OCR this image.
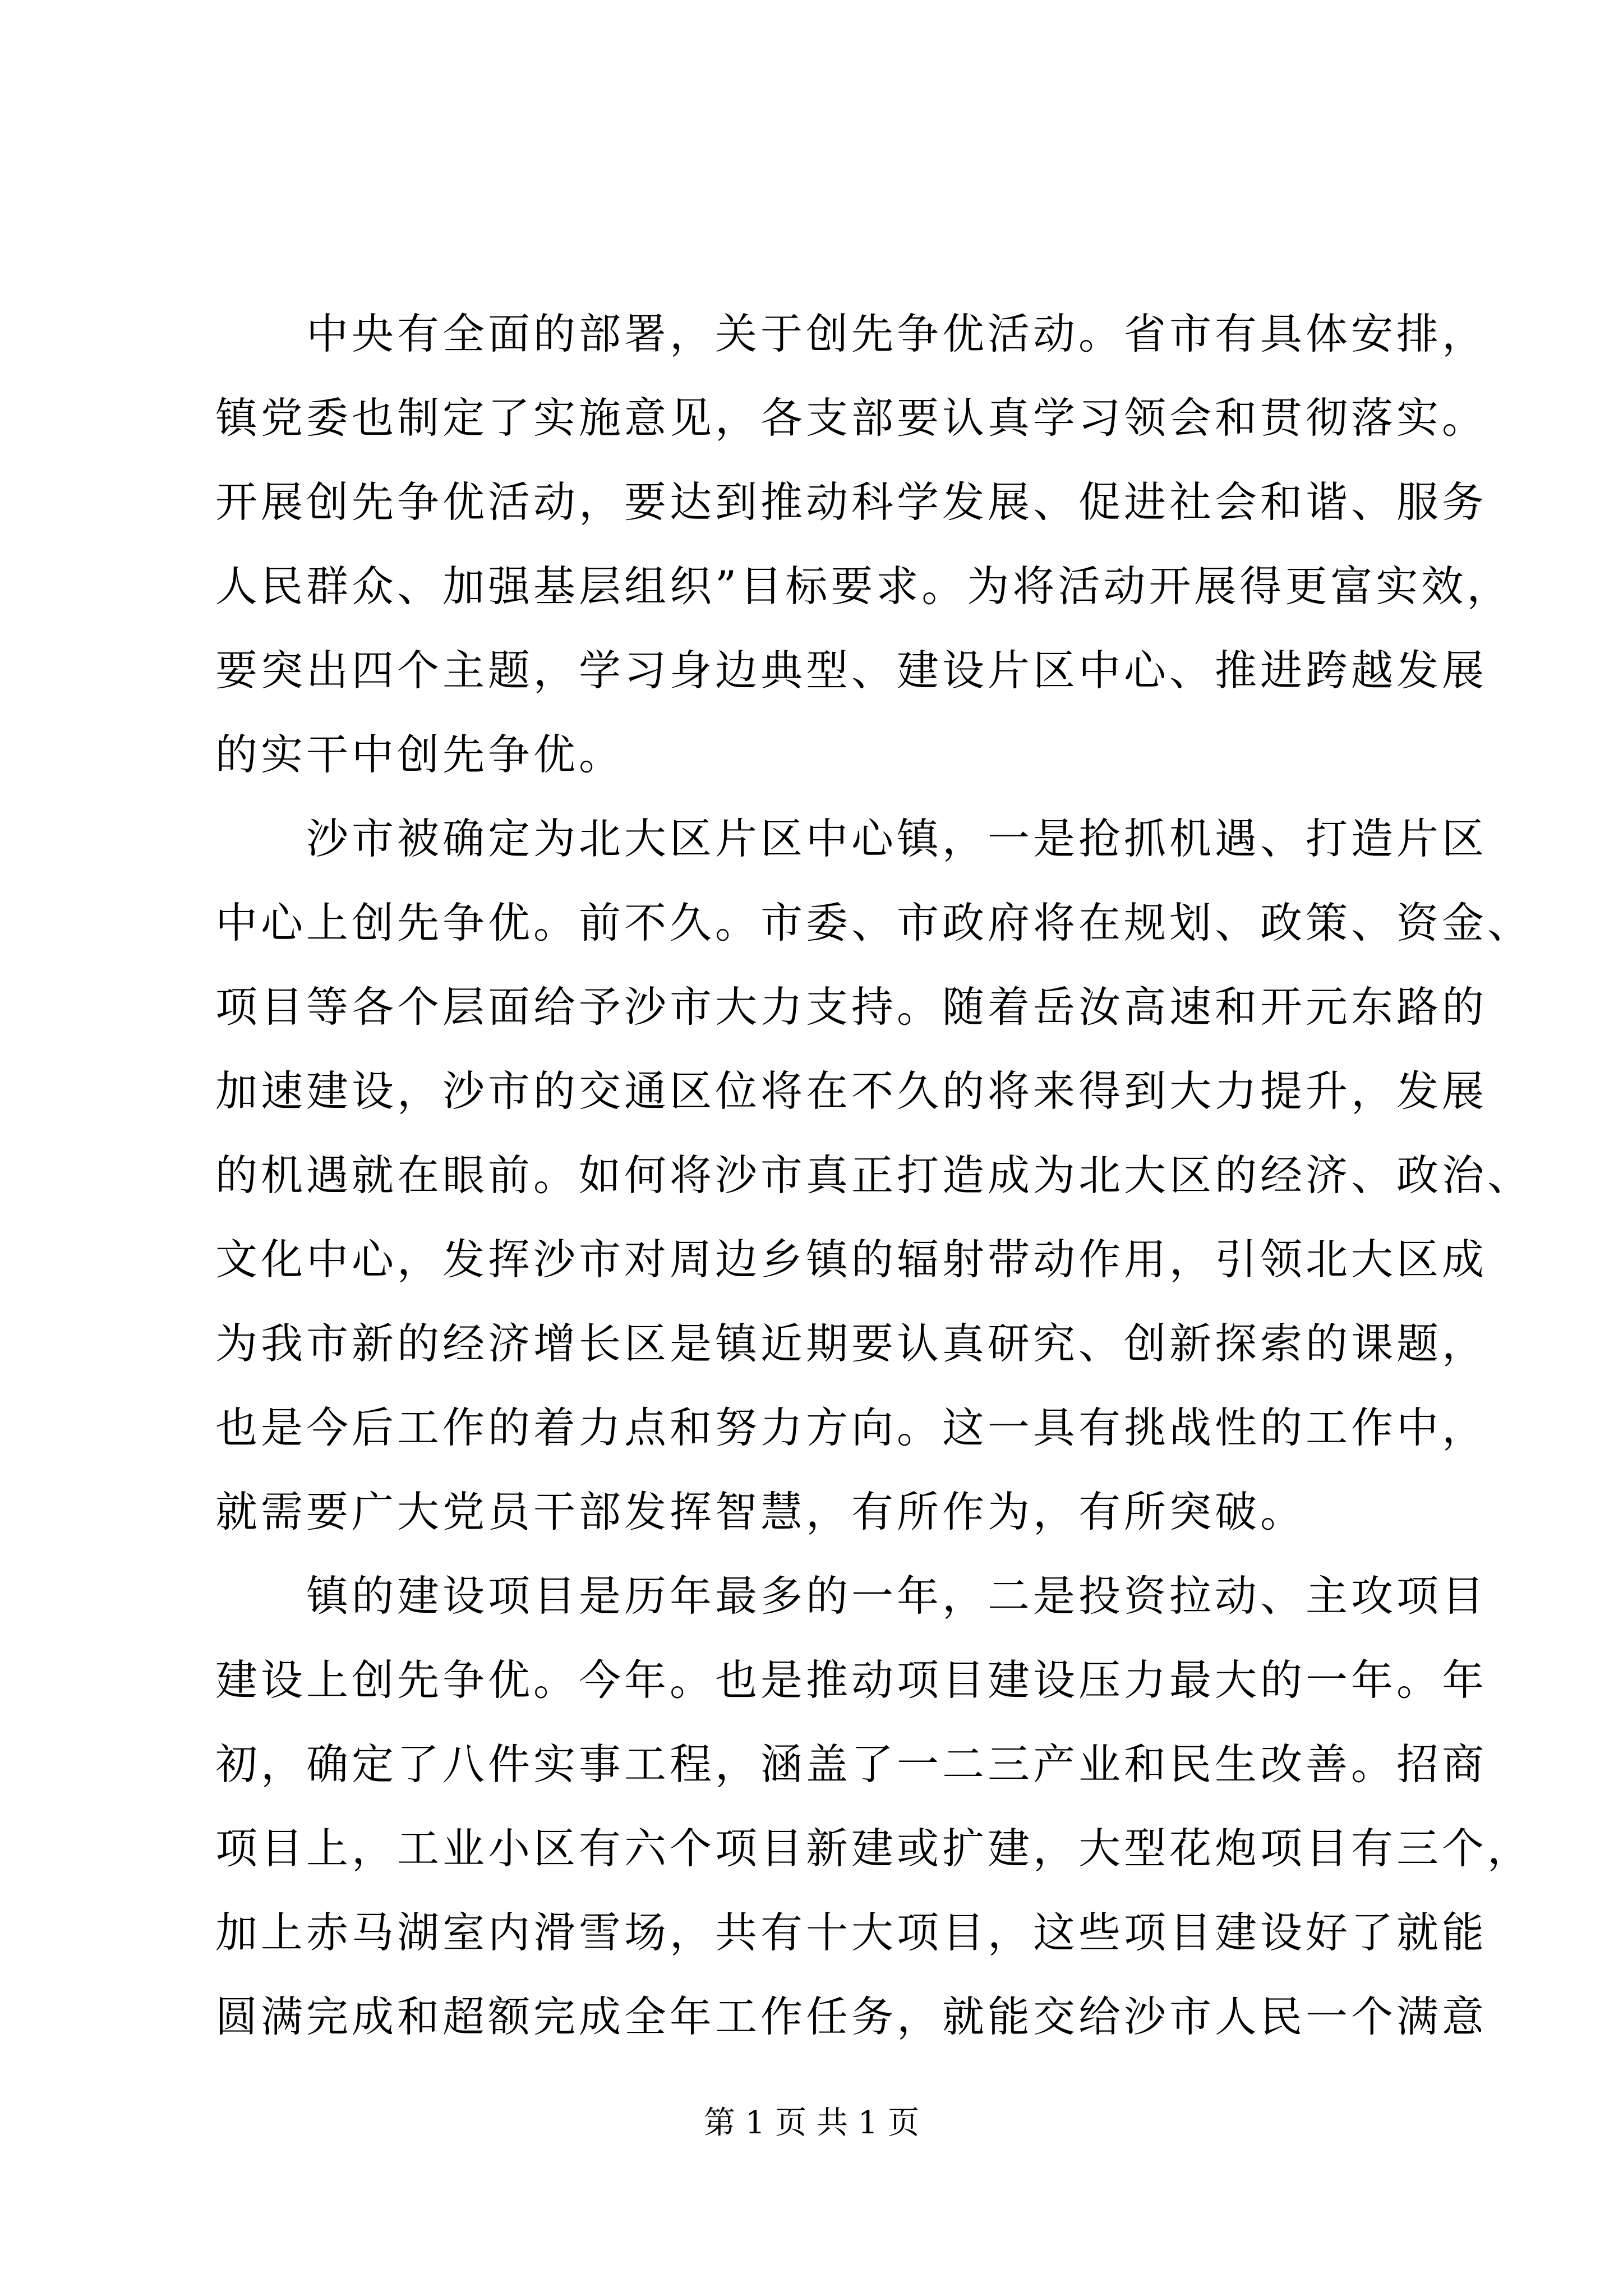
　　中央有全面的部署，关于创先争优活动。省市有具体安排，
镇党委也制定了实施意见，各支部要认真学习领会和贯彻落实。
开展创先争优活动，要达到推动科学发展、促进社会和谐、服务
人民群众、加强基层组织”目标要求。为将活动开展得更富实效，
要突出四个主题，学习身边典型、建设片区中心、推进跨越发展
的实干中创先争优。
　　沙市被确定为北大区片区中心镇，一是抢抓机遇、打造片区
中心上创先争优。前不久。市委、市政府将在规划、政策、资金、
项目等各个层面给予沙市大力支持。随着岳汝高速和开元东路的
加速建设，沙市的交通区位将在不久的将来得到大力提升，发展
的机遇就在眼前。如何将沙市真正打造成为北大区的经济、政治、
文化中心，发挥沙市对周边乡镇的辐射带动作用，引领北大区成
为我市新的经济增长区是镇近期要认真研究、创新探索的课题，
也是今后工作的着力点和努力方向。这一具有挑战性的工作中，
就需要广大党员干部发挥智慧，有所作为，有所突破。
　　镇的建设项目是历年最多的一年，二是投资拉动、主攻项目
建设上创先争优。今年。也是推动项目建设压力最大的一年。年
初，确定了八件实事工程，涵盖了一二三产业和民生改善。招商
项目上，工业小区有六个项目新建或扩建，大型花炮项目有三个，
加上赤马湖室内滑雪场，共有十大项目，这些项目建设好了就能
圆满完成和超额完成全年工作任务，就能交给沙市人民一个满意
第 1 页 共 1 页
